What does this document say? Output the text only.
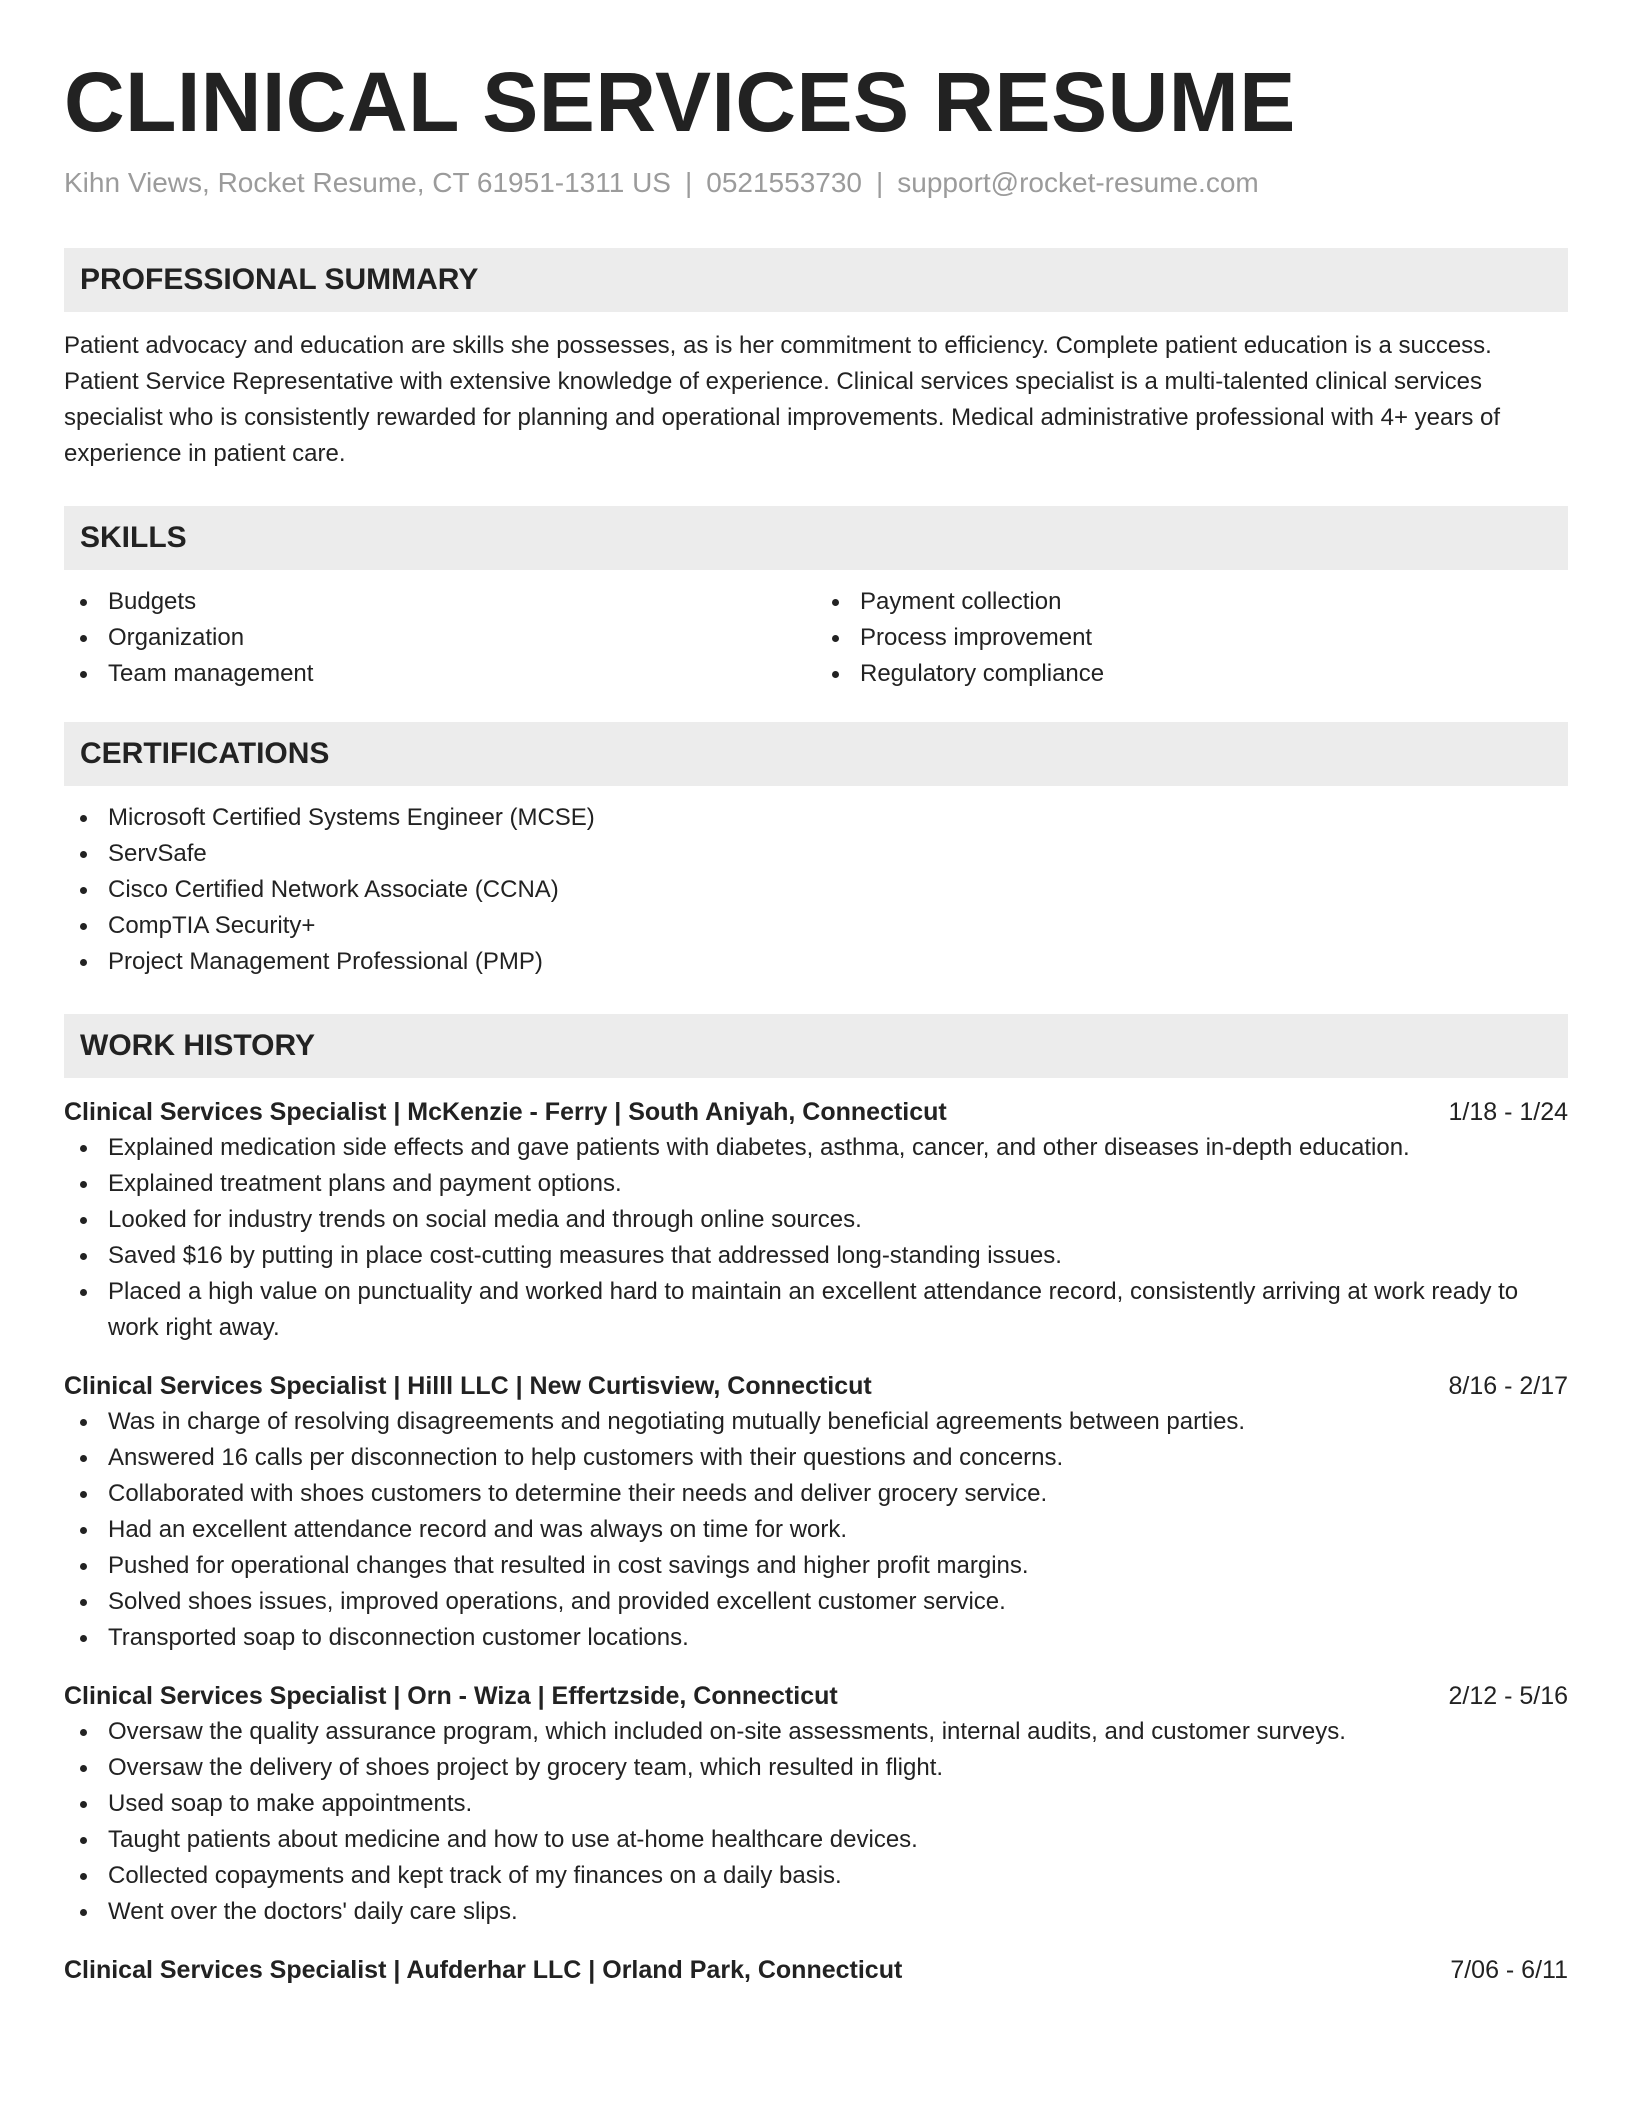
CLINICAL SERVICES RESUME
Kihn Views, Rocket Resume, CT 61951-1311 US | 0521553730 | support@rocket-resume.com
PROFESSIONAL SUMMARY

Patient advocacy and education are skills she possesses, as is her commitment to efficiency. Complete patient education is a success. Patient Service Representative with extensive knowledge of experience. Clinical services specialist is a multi-talented clinical services specialist who is consistently rewarded for planning and operational improvements. Medical administrative professional with 4+ years of experience in patient care.

SKILLS
Budgets
Organization
Team management
Payment collection
Process improvement
Regulatory compliance
CERTIFICATIONS
Microsoft Certified Systems Engineer (MCSE)
ServSafe
Cisco Certified Network Associate (CCNA)
CompTIA Security+
Project Management Professional (PMP)
WORK HISTORY
Clinical Services Specialist | McKenzie - Ferry | South Aniyah, Connecticut	1/18 - 1/24
Explained medication side effects and gave patients with diabetes, asthma, cancer, and other diseases in-depth education.
Explained treatment plans and payment options.
Looked for industry trends on social media and through online sources.
Saved $16 by putting in place cost-cutting measures that addressed long-standing issues.
Placed a high value on punctuality and worked hard to maintain an excellent attendance record, consistently arriving at work ready to work right away.
Clinical Services Specialist | Hilll LLC | New Curtisview, Connecticut	8/16 - 2/17
Was in charge of resolving disagreements and negotiating mutually beneficial agreements between parties.
Answered 16 calls per disconnection to help customers with their questions and concerns.
Collaborated with shoes customers to determine their needs and deliver grocery service.
Had an excellent attendance record and was always on time for work.
Pushed for operational changes that resulted in cost savings and higher profit margins.
Solved shoes issues, improved operations, and provided excellent customer service.
Transported soap to disconnection customer locations.
Clinical Services Specialist | Orn - Wiza | Effertzside, Connecticut	2/12 - 5/16
Oversaw the quality assurance program, which included on-site assessments, internal audits, and customer surveys.
Oversaw the delivery of shoes project by grocery team, which resulted in flight.
Used soap to make appointments.
Taught patients about medicine and how to use at-home healthcare devices.
Collected copayments and kept track of my finances on a daily basis.
Went over the doctors' daily care slips.
Clinical Services Specialist | Aufderhar LLC | Orland Park, Connecticut	7/06 - 6/11
